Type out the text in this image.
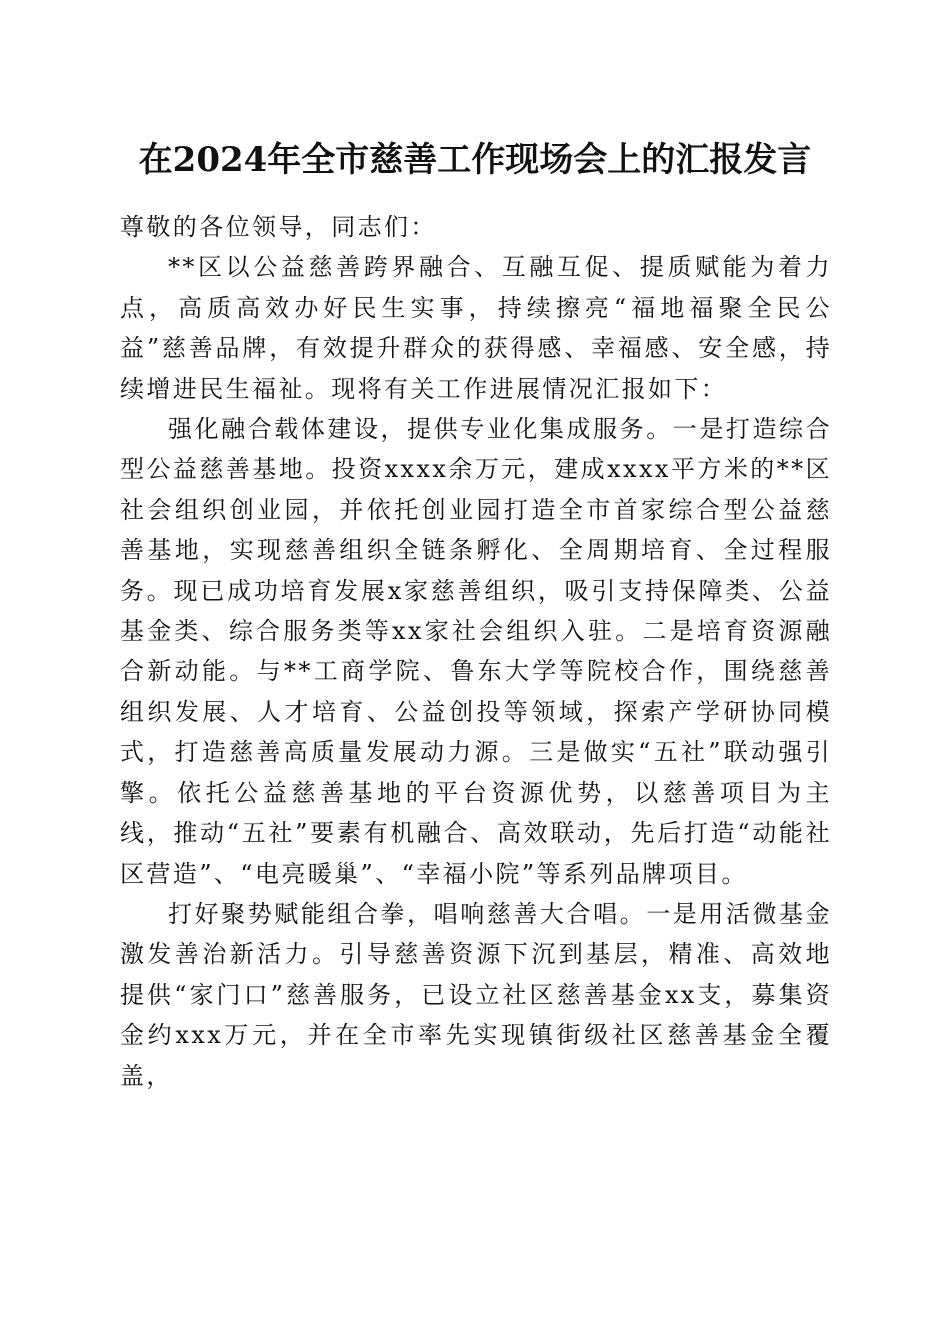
在2024年全市慈善工作现场会上的汇报发言

尊敬的各位领导，同志们：

**区以公益慈善跨界融合、互融互促、提质赋能为着力点，高质高效办好民生实事，持续擦亮“福地福聚全民公益”慈善品牌，有效提升群众的获得感、幸福感、安全感，持续增进民生福祉。现将有关工作进展情况汇报如下：

强化融合载体建设，提供专业化集成服务。一是打造综合型公益慈善基地。投资xxxx余万元，建成xxxx平方米的**区社会组织创业园，并依托创业园打造全市首家综合型公益慈善基地，实现慈善组织全链条孵化、全周期培育、全过程服务。现已成功培育发展x家慈善组织，吸引支持保障类、公益基金类、综合服务类等xx家社会组织入驻。二是培育资源融合新动能。与**工商学院、鲁东大学等院校合作，围绕慈善组织发展、人才培育、公益创投等领域，探索产学研协同模式，打造慈善高质量发展动力源。三是做实“五社”联动强引擎。依托公益慈善基地的平台资源优势，以慈善项目为主线，推动“五社”要素有机融合、高效联动，先后打造“动能社区营造”、“电亮暖巢”、“幸福小院”等系列品牌项目。

打好聚势赋能组合拳，唱响慈善大合唱。一是用活微基金激发善治新活力。引导慈善资源下沉到基层，精准、高效地提供“家门口”慈善服务，已设立社区慈善基金xx支，募集资金约xxx万元，并在全市率先实现镇街级社区慈善基金全覆盖，
